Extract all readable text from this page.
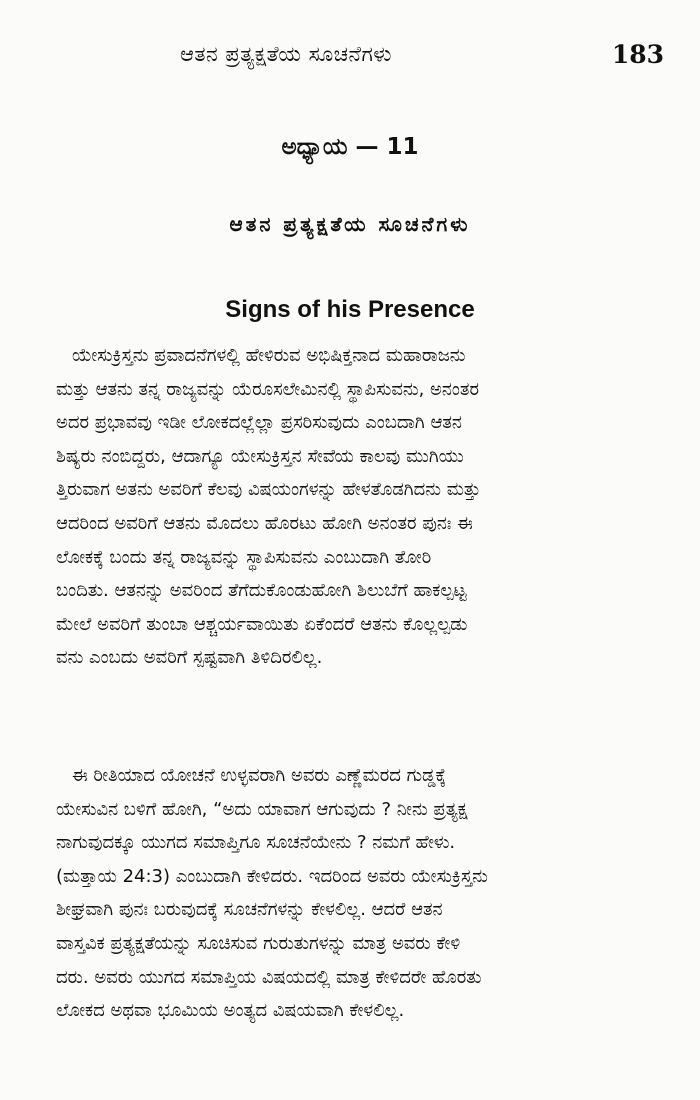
ಆತನ ಪ್ರತ್ಯಕ್ಷತೆಯ ಸೂಚನೆಗಳು	183
ಅಧ್ಯಾಯ — 11
ಆತನ ಪ್ರತ್ಯಕ್ಷತೆಯ ಸೂಚನೆಗಳು
Signs of his Presence
ಯೇಸುಕ್ರಿಸ್ತನು ಪ್ರವಾದನೆಗಳಲ್ಲಿ ಹೇಳಿರುವ ಅಭಿಷಿಕ್ತನಾದ ಮಹಾರಾಜನು
ಮತ್ತು ಆತನು ತನ್ನ ರಾಜ್ಯವನ್ನು ಯೆರೂಸಲೇಮಿನಲ್ಲಿ ಸ್ಥಾಪಿಸುವನು, ಅನಂತರ
ಅದರ ಪ್ರಭಾವವು ಇಡೀ ಲೋಕದಲ್ಲೆಲ್ಲಾ ಪ್ರಸರಿಸುವುದು ಎಂಬದಾಗಿ ಆತನ
ಶಿಷ್ಯರು ನಂಬಿದ್ದರು, ಆದಾಗ್ಯೂ ಯೇಸುಕ್ರಿಸ್ತನ ಸೇವೆಯ ಕಾಲವು ಮುಗಿಯು
ತ್ತಿರುವಾಗ ಅತನು ಅವರಿಗೆ ಕೆಲವು ವಿಷಯಂಗಳನ್ನು ಹೇಳತೊಡಗಿದನು ಮತ್ತು
ಆದರಿಂದ ಅವರಿಗೆ ಆತನು ಮೊದಲು ಹೊರಟು ಹೋಗಿ ಅನಂತರ ಪುನಃ ಈ
ಲೋಕಕ್ಕೆ ಬಂದು ತನ್ನ ರಾಜ್ಯವನ್ನು ಸ್ಥಾಪಿಸುವನು ಎಂಬುದಾಗಿ ತೋರಿ
ಬಂದಿತು. ಆತನನ್ನು ಅವರಿಂದ ತೆಗೆದುಕೊಂಡುಹೋಗಿ ಶಿಲುಬೆಗೆ ಹಾಕಲ್ಪಟ್ಟ
ಮೇಲೆ ಅವರಿಗೆ ತುಂಬಾ ಆಶ್ಚರ್ಯವಾಯಿತು ಏಕೆಂದರೆ ಆತನು ಕೊಲ್ಲಲ್ಪಡು
ವನು ಎಂಬದು ಅವರಿಗೆ ಸ್ಪಷ್ಟವಾಗಿ ತಿಳಿದಿರಲಿಲ್ಲ.
ಈ ರೀತಿಯಾದ ಯೋಚನೆ ಉಳ್ಳವರಾಗಿ ಅವರು ಎಣ್ಣೆಮರದ ಗುಡ್ಡಕ್ಕೆ
ಯೇಸುವಿನ ಬಳಿಗೆ ಹೋಗಿ, “ಅದು ಯಾವಾಗ ಆಗುವುದು ? ನೀನು ಪ್ರತ್ಯಕ್ಷ
ನಾಗುವುದಕ್ಕೂ ಯುಗದ ಸಮಾಪ್ತಿಗೂ ಸೂಚನೆಯೇನು ? ನಮಗೆ ಹೇಳು.
(ಮತ್ತಾಯ 24:3) ಎಂಬುದಾಗಿ ಕೇಳಿದರು. ಇದರಿಂದ ಅವರು ಯೇಸುಕ್ರಿಸ್ತನು
ಶೀಘ್ರವಾಗಿ ಪುನಃ ಬರುವುದಕ್ಕೆ ಸೂಚನೆಗಳನ್ನು ಕೇಳಲಿಲ್ಲ. ಆದರೆ ಆತನ
ವಾಸ್ತವಿಕ ಪ್ರತ್ಯಕ್ಷತೆಯನ್ನು ಸೂಚಿಸುವ ಗುರುತುಗಳನ್ನು ಮಾತ್ರ ಅವರು ಕೇಳಿ
ದರು. ಅವರು ಯುಗದ ಸಮಾಪ್ತಿಯ ವಿಷಯದಲ್ಲಿ ಮಾತ್ರ ಕೇಳಿದರೇ ಹೊರತು
ಲೋಕದ ಅಥವಾ ಭೂಮಿಯ ಅಂತ್ಯದ ವಿಷಯವಾಗಿ ಕೇಳಲಿಲ್ಲ.
